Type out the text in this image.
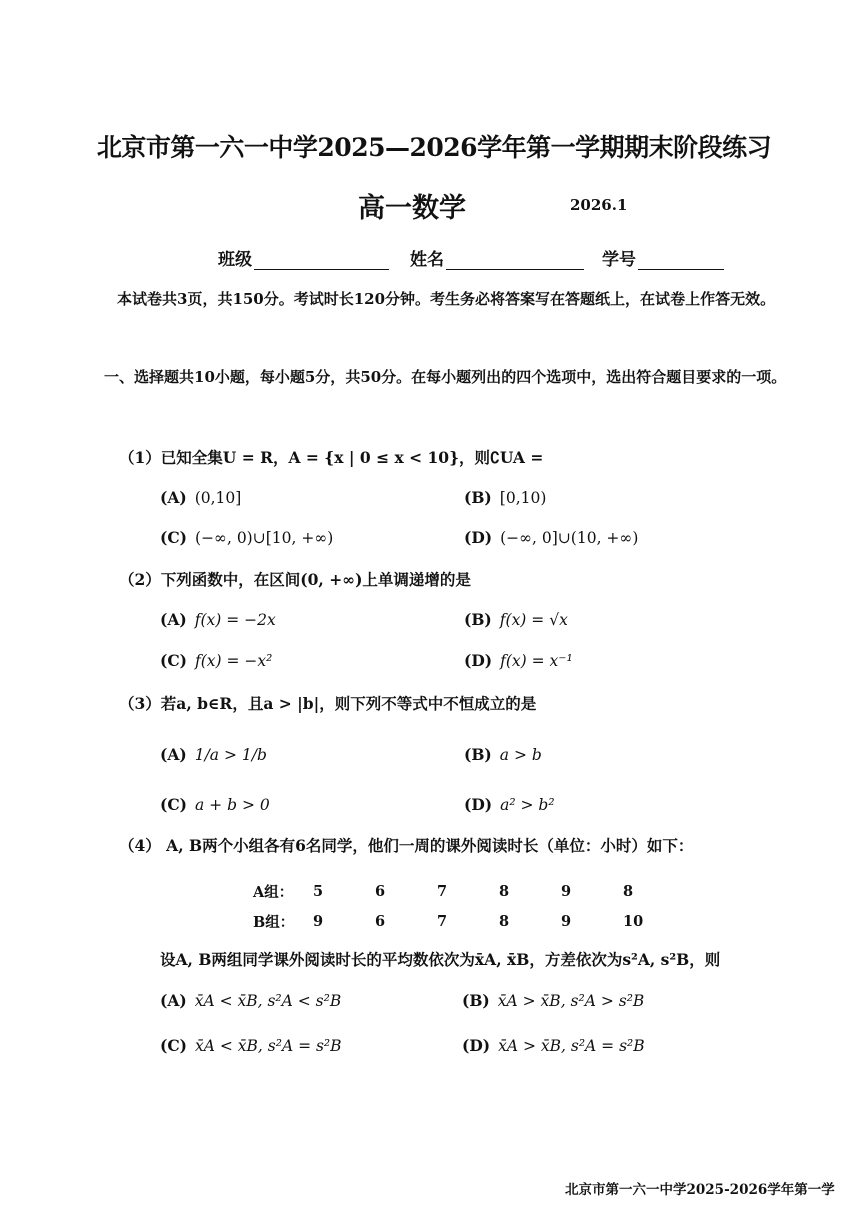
北京市第一六一中学2025—2026学年第一学期期末阶段练习
高一数学	2026.1
班级	姓名	学号
本试卷共3页，共150分。考试时长120分钟。考生务必将答案写在答题纸上，在试卷上作答无效。
一、选择题共10小题，每小题5分，共50分。在每小题列出的四个选项中，选出符合题目要求的一项。
（1）已知全集U = R，A = {x | 0 ≤ x < 10}，则∁UA =
(A) (0,10]	(B) [0,10)
(C) (−∞, 0)∪[10, +∞)	(D) (−∞, 0]∪(10, +∞)
（2）下列函数中，在区间(0, +∞)上单调递增的是
(A) f(x) = −2x	(B) f(x) = √x
(C) f(x) = −x²	(D) f(x) = x⁻¹
（3）若a, b∈R，且a > |b|，则下列不等式中不恒成立的是
(A) 1/a > 1/b	(B) a > b
(C) a + b > 0	(D) a² > b²
（4） A, B两个小组各有6名同学，他们一周的课外阅读时长（单位：小时）如下：
A组：	5	6	7	8	9	8
B组：	9	6	7	8	9	10
设A, B两组同学课外阅读时长的平均数依次为x̄A, x̄B，方差依次为s²A, s²B，则
(A) x̄A < x̄B, s²A < s²B	(B) x̄A > x̄B, s²A > s²B
(C) x̄A < x̄B, s²A = s²B	(D) x̄A > x̄B, s²A = s²B
北京市第一六一中学2025-2026学年第一学
